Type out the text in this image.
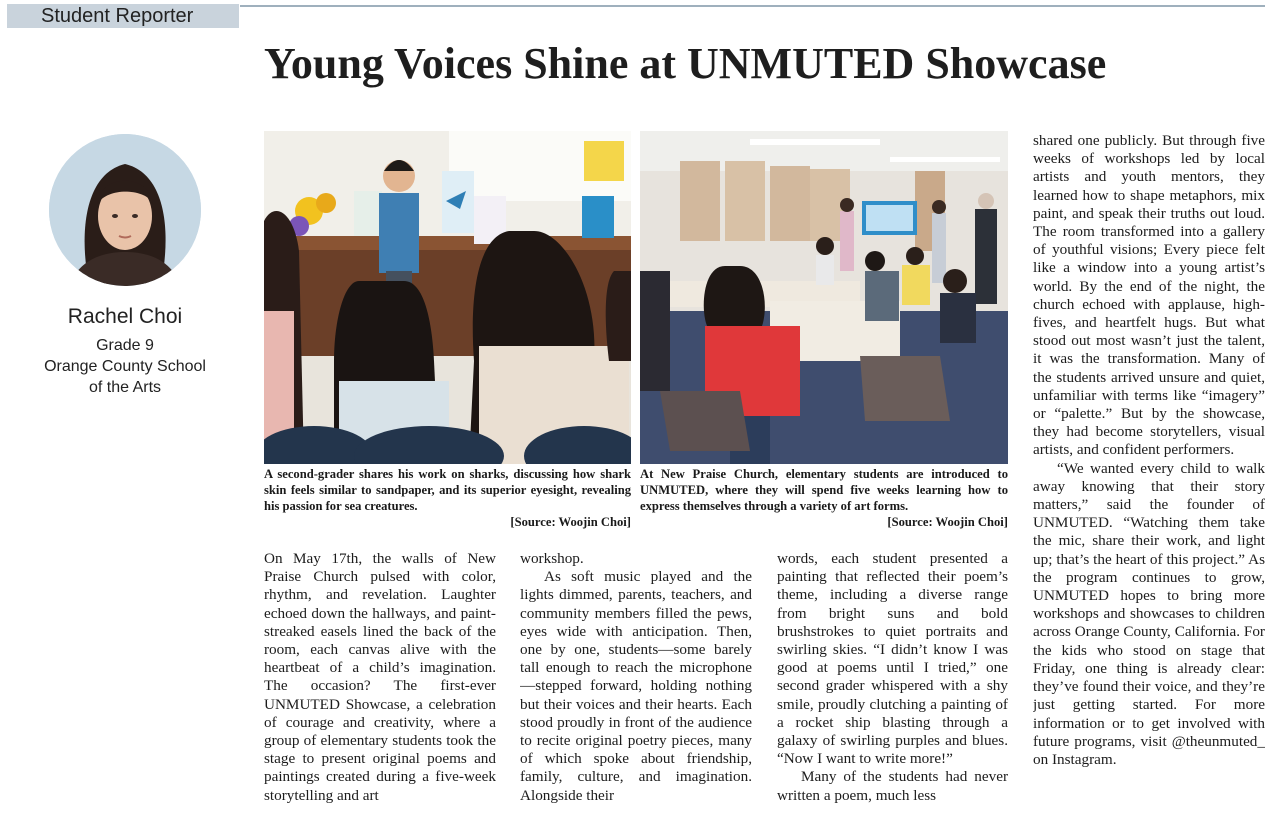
Student Reporter
Young Voices Shine at UNMUTED Showcase
Rachel Choi
Grade 9
Orange County School
of the Arts
A second-grader shares his work on sharks, discussing how shark skin feels similar to sandpaper, and its superior eyesight, revealing his passion for sea creatures.
[Source: Woojin Choi]
At New Praise Church, elementary students are introduced to UNMUTED, where they will spend five weeks learning how to express themselves through a variety of art forms.
[Source: Woojin Choi]

On May 17th, the walls of New Praise Church pulsed with color, rhythm, and revelation. Laughter echoed down the hallways, and paint-streaked easels lined the back of the room, each canvas alive with the heartbeat of a child’s imagination. The occasion? The first-ever UNMUTED Showcase, a celebration of courage and creativity, where a group of elementary students took the stage to present original poems and paintings created during a five-week storytelling and art

workshop.

As soft music played and the lights dimmed, parents, teachers, and community members filled the pews, eyes wide with anticipation. Then, one by one, students—some barely tall enough to reach the microphone—stepped forward, holding nothing but their voices and their hearts. Each stood proudly in front of the audience to recite original poetry pieces, many of which spoke about friendship, family, culture, and imagination. Alongside their

words, each student presented a painting that reflected their poem’s theme, including a diverse range from bright suns and bold brushstrokes to quiet portraits and swirling skies. “I didn’t know I was good at poems until I tried,” one second grader whispered with a shy smile, proudly clutching a painting of a rocket ship blasting through a galaxy of swirling purples and blues. “Now I want to write more!”

Many of the students had never written a poem, much less

shared one publicly. But through five weeks of workshops led by local artists and youth mentors, they learned how to shape metaphors, mix paint, and speak their truths out loud. The room transformed into a gallery of youthful visions; Every piece felt like a window into a young artist’s world. By the end of the night, the church echoed with applause, high-fives, and heartfelt hugs. But what stood out most wasn’t just the talent, it was the transformation. Many of the students arrived unsure and quiet, unfamiliar with terms like “imagery” or “palette.” But by the showcase, they had become storytellers, visual artists, and confident performers.

“We wanted every child to walk away knowing that their story matters,” said the founder of UNMUTED. “Watching them take the mic, share their work, and light up; that’s the heart of this project.” As the program continues to grow, UNMUTED hopes to bring more workshops and showcases to children across Orange County, California. For the kids who stood on stage that Friday, one thing is already clear: they’ve found their voice, and they’re just getting started. For more information or to get involved with future programs, visit @theunmuted_ on Instagram.
